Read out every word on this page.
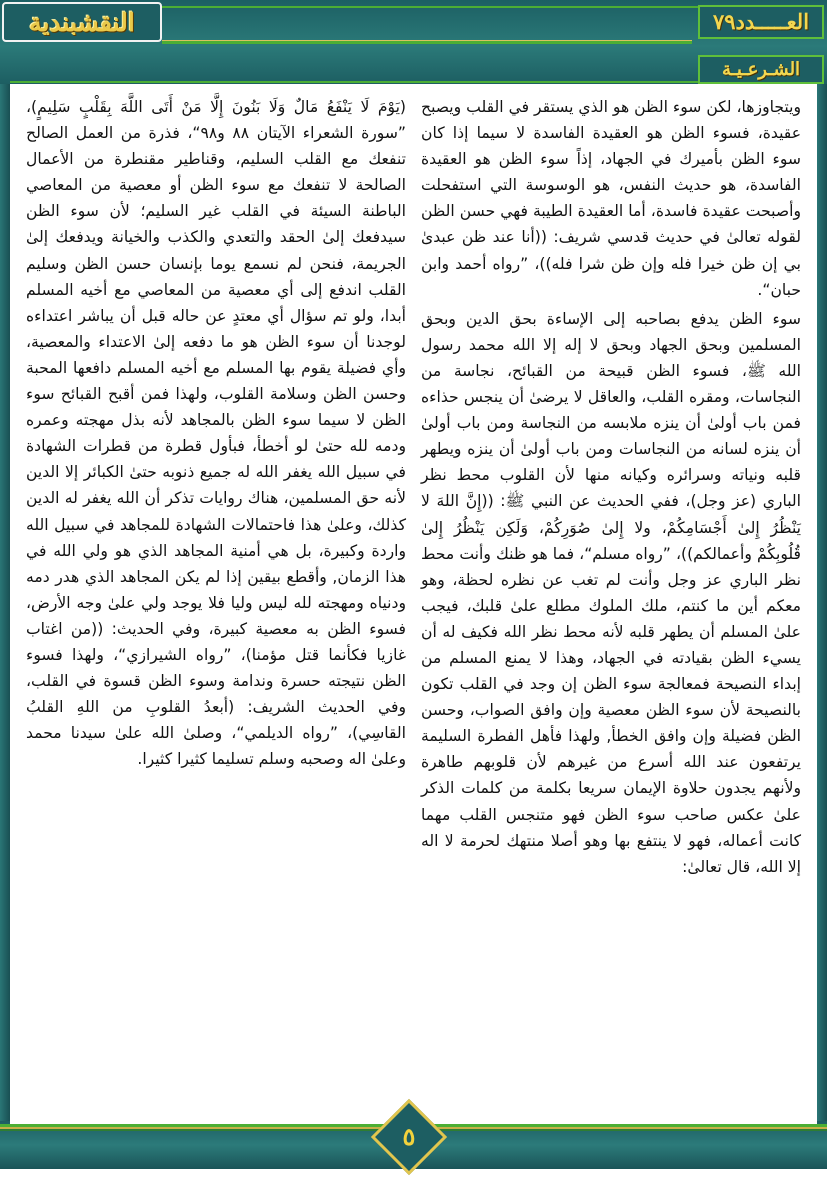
ويتجاوزها، لكن سوء الظن هو الذي يستقر في القلب ويصبح عقيدة، فسوء الظن هو العقيدة الفاسدة لا سيما إذا كان سوء الظن بأميرك في الجهاد، إذاً سوء الظن هو العقيدة الفاسدة، هو حديث النفس، هو الوسوسة التي استفحلت وأصبحت عقيدة فاسدة، أما العقيدة الطيبة فهي حسن الظن لقوله تعالىٰ في حديث قدسي شريف: ((أنا عند ظن عبدىٰ بي إن ظن خيرا فله وإن ظن شرا فله))، ”رواه أحمد وابن حبان“.

سوء الظن يدفع بصاحبه إلى الإساءة بحق الدين وبحق المسلمين وبحق الجهاد وبحق لا إله إلا الله محمد رسول الله ﷺ، فسوء الظن قبيحة من القبائح، نجاسة من النجاسات، ومقره القلب، والعاقل لا يرضىٰ أن ينجس حذاءه فمن باب أولىٰ أن ينزه ملابسه من النجاسة ومن باب أولىٰ أن ينزه لسانه من النجاسات ومن باب أولىٰ أن ينزه ويطهر قلبه ونياته وسرائره وكيانه منها لأن القلوب محط نظر الباري (عز وجل)، ففي الحديث عن النبي ﷺ: ((إِنَّ اللهَ لا يَنْظُرُ إِلىٰ أَجْسَامِكُمْ، ولا إِلىٰ صُوَرِكُمْ، وَلَكِن يَنْظُرُ إِلىٰ قُلُوبِكُمْ وأعمالكم))، ”رواه مسلم“، فما هو ظنك وأنت محط نظر الباري عز وجل وأنت لم تغب عن نظره لحظة، وهو معكم أين ما كنتم، ملك الملوك مطلع علىٰ قلبك، فيجب علىٰ المسلم أن يطهر قلبه لأنه محط نظر الله فكيف له أن يسيء الظن بقيادته في الجهاد، وهذا لا يمنع المسلم من إبداء النصيحة فمعالجة سوء الظن إن وجد في القلب تكون بالنصيحة لأن سوء الظن معصية وإن وافق الصواب، وحسن الظن فضيلة وإن وافق الخطأ, ولهذا فأهل الفطرة السليمة يرتفعون عند الله أسرع من غيرهم لأن قلوبهم طاهرة ولأنهم يجدون حلاوة الإيمان سريعا بكلمة من كلمات الذكر علىٰ عكس صاحب سوء الظن فهو متنجس القلب مهما كانت أعماله، فهو لا ينتفع بها وهو أصلا منتهك لحرمة لا اله إلا الله، قال تعالىٰ:

(يَوْمَ لَا يَنْفَعُ مَالٌ وَلَا بَنُونَ إِلَّا مَنْ أَتَى اللَّهَ بِقَلْبٍ سَلِيمٍ)، ”سورة الشعراء الآيتان ٨٨ و٩٨“، فذرة من العمل الصالح تنفعك مع القلب السليم، وقناطير مقنطرة من الأعمال الصالحة لا تنفعك مع سوء الظن أو معصية من المعاصي الباطنة السيئة في القلب غير السليم؛ لأن سوء الظن سيدفعك إلىٰ الحقد والتعدي والكذب والخيانة ويدفعك إلىٰ الجريمة، فنحن لم نسمع يوما بإنسان حسن الظن وسليم القلب اندفع إلى أي معصية من المعاصي مع أخيه المسلم أبدا، ولو تم سؤال أي معتدٍ عن حاله قبل أن يباشر اعتداءه لوجدنا أن سوء الظن هو ما دفعه إلىٰ الاعتداء والمعصية، وأي فضيلة يقوم بها المسلم مع أخيه المسلم دافعها المحبة وحسن الظن وسلامة القلوب، ولهذا فمن أقبح القبائح سوء الظن لا سيما سوء الظن بالمجاهد لأنه بذل مهجته وعمره ودمه لله حتىٰ لو أخطأ، فبأول قطرة من قطرات الشهادة في سبيل الله يغفر الله له جميع ذنوبه حتىٰ الكبائر إلا الدين لأنه حق المسلمين، هناك روايات تذكر أن الله يغفر له الدين كذلك، وعلىٰ هذا فاحتمالات الشهادة للمجاهد في سبيل الله واردة وكبيرة، بل هي أمنية المجاهد الذي هو ولي الله في هذا الزمان, وأقطع بيقين إذا لم يكن المجاهد الذي هدر دمه ودنياه ومهجته لله ليس وليا فلا يوجد ولي علىٰ وجه الأرض، فسوء الظن به معصية كبيرة، وفي الحديث: ((من اغتاب غازيا فكأنما قتل مؤمنا)، ”رواه الشيرازي“، ولهذا فسوء الظن نتيجته حسرة وندامة وسوء الظن قسوة في القلب، وفي الحديث الشريف: (أبعدُ القلوبِ من اللهِ القلبُ القاسِي)، ”رواه الديلمي“، وصلىٰ الله علىٰ سيدنا محمد وعلىٰ اله وصحبه وسلم تسليما كثيرا كثيرا.

النقشبندية	العـــــدد٧٩
الشـرعـيـة
٥
